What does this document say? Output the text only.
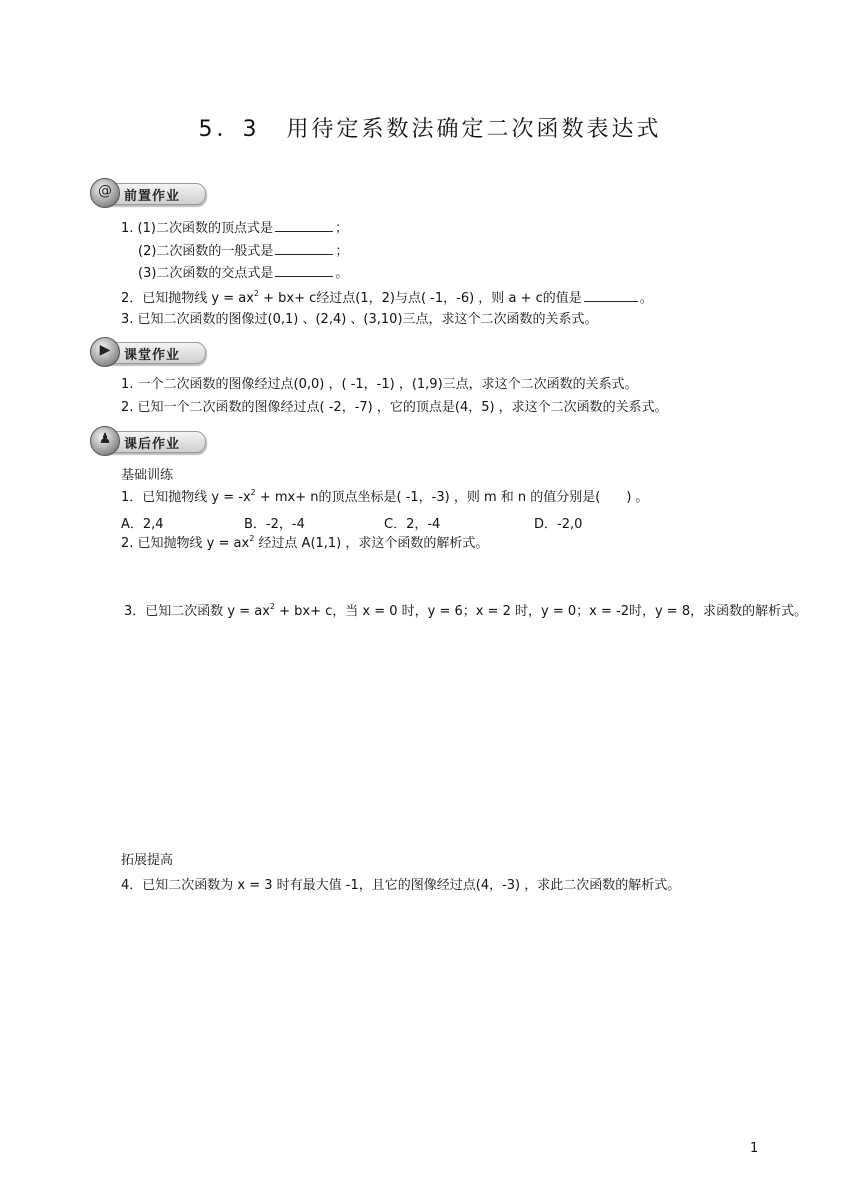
5．3 用待定系数法确定二次函数表达式
@ 前置作业
1. (1)二次函数的顶点式是	；
(2)二次函数的一般式是	；
(3)二次函数的交点式是	。
2．已知抛物线 $y = ax^2 + bx+ c$经过点(1，2)与点( -1，-6) ，则 a + c的值是	。
3. 已知二次函数的图像过(0,1) 、(2,4) 、(3,10)三点，求这个二次函数的关系式。
▶	课堂作业
1. 一个二次函数的图像经过点(0,0) ，( -1，-1) ，(1,9)三点，求这个二次函数的关系式。
2. 已知一个二次函数的图像经过点( -2，-7) ，它的顶点是(4，5) ，求这个二次函数的关系式。
♟ 课后作业
基础训练
1．已知抛物线 $y = -x^2 + mx+ n$的顶点坐标是( -1，-3) ，则 m 和 n 的值分别是(　　) 。
A．2,4	B．-2，-4	C．2，-4	D．-2,0
2. 已知抛物线 $y = ax^2$ 经过点 A(1,1) ，求这个函数的解析式。
3．已知二次函数 $y = ax^2 + bx+ c$，当 x = 0 时，y = 6；x = 2 时，y = 0；x = -2时，y = 8，求函数的解析式。
拓展提高
4．已知二次函数为 x = 3 时有最大值 -1，且它的图像经过点(4，-3) ，求此二次函数的解析式。
1
